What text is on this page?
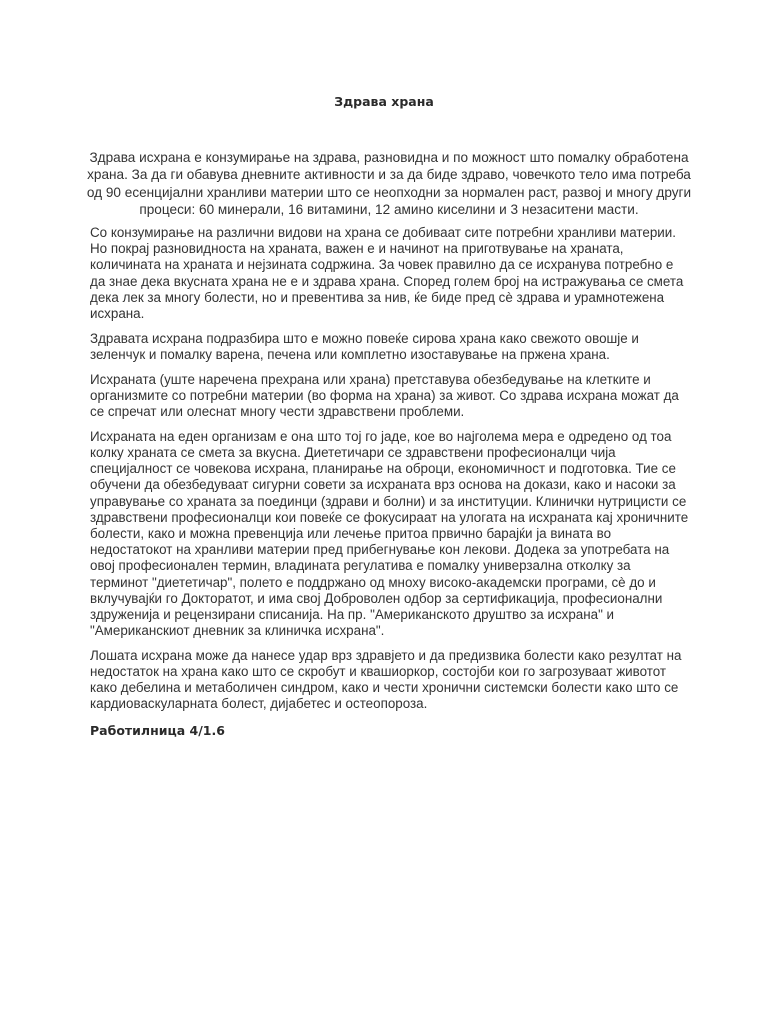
Здрава храна
Здрава исхрана е конзумирање на здрава, разновидна и по можност што помалку обработена храна. За да ги обавува дневните активности и за да биде здраво, човечкото тело има потреба од 90 есенцијални хранливи материи што се неопходни за нормален раст, развој и многу други процеси: 60 минерали, 16 витамини, 12 амино киселини и 3 незаситени масти.

Со конзумирање на различни видови на храна се добиваат сите потребни хранливи материи. Но покрај разновидноста на храната, важен е и начинот на приготвување на храната, количината на храната и нејзината содржина. За човек правилно да се исхранува потребно е да знае дека вкусната храна не е и здрава храна. Според голем број на истражувања се смета дека лек за многу болести, но и превентива за нив, ќе биде пред сè здрава и урамнотежена исхрана.

Здравата исхрана подразбира што е можно повеќе сирова храна како свежото овошје и зеленчук и помалку варена, печена или комплетно изоставување на пржена храна.

Исхраната (уште наречена прехрана или храна) претставува обезбедување на клетките и организмите со потребни материи (во форма на храна) за живот. Со здрава исхрана можат да се спречат или олеснат многу чести здравствени проблеми.

Исхраната на еден организам е она што тој го јаде, кое во најголема мера е одредено од тоа колку храната се смета за вкусна. Диететичари се здравствени професионалци чија специјалност се човекова исхрана, планирање на оброци, економичност и подготовка. Тие се обучени да обезбедуваат сигурни совети за исхраната врз основа на докази, како и насоки за управување со храната за поединци (здрави и болни) и за институции. Клинички нутрицисти се здравствени професионалци кои повеќе се фокусираат на улогата на исхраната кај хроничните болести, како и можна превенција или лечење притоа првично барајќи ја вината во недостатокот на хранливи материи пред прибегнување кон лекови. Додека за употребата на овој професионален термин, владината регулатива е помалку универзална отколку за терминот "диететичар", полето е поддржано од мноху високо-академски програми, сè до и вклучувајќи го Докторатот, и има свој Доброволен одбор за сертификација, професионални здруженија и рецензирани списанија. На пр. "Американското друштво за исхрана" и "Американскиот дневник за клиничка исхрана".

Лошата исхрана може да нанесе удар врз здравјето и да предизвика болести како резултат на недостаток на храна како што се скробут и квашиоркор, состојби кои го загрозуваат животот како дебелина и метаболичен синдром, како и чести хронични системски болести како што се кардиоваскуларната болест, дијабетес и остеопороза.

Работилница 4/1.6
